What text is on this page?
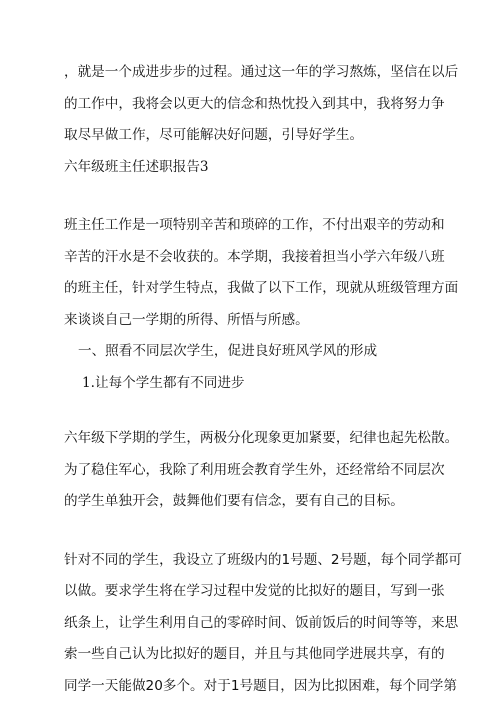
，就是一个成进步步的过程。通过这一年的学习熬炼，坚信在以后
的工作中，我将会以更大的信念和热忱投入到其中，我将努力争
取尽早做工作，尽可能解决好问题，引导好学生。
六年级班主任述职报告3
班主任工作是一项特别辛苦和琐碎的工作，不付出艰辛的劳动和
辛苦的汗水是不会收获的。本学期，我接着担当小学六年级八班
的班主任，针对学生特点，我做了以下工作，现就从班级管理方面
来谈谈自己一学期的所得、所悟与所感。
一、照看不同层次学生，促进良好班风学风的形成
1.让每个学生都有不同进步
六年级下学期的学生，两极分化现象更加紧要，纪律也起先松散。
为了稳住军心，我除了利用班会教育学生外，还经常给不同层次
的学生单独开会，鼓舞他们要有信念，要有自己的目标。
针对不同的学生，我设立了班级内的1号题、2号题，每个同学都可
以做。要求学生将在学习过程中发觉的比拟好的题目，写到一张
纸条上，让学生利用自己的零碎时间、饭前饭后的时间等等，来思
索一些自己认为比拟好的题目，并且与其他同学进展共享，有的
同学一天能做20多个。对于1号题目，因为比拟困难，每个同学第
